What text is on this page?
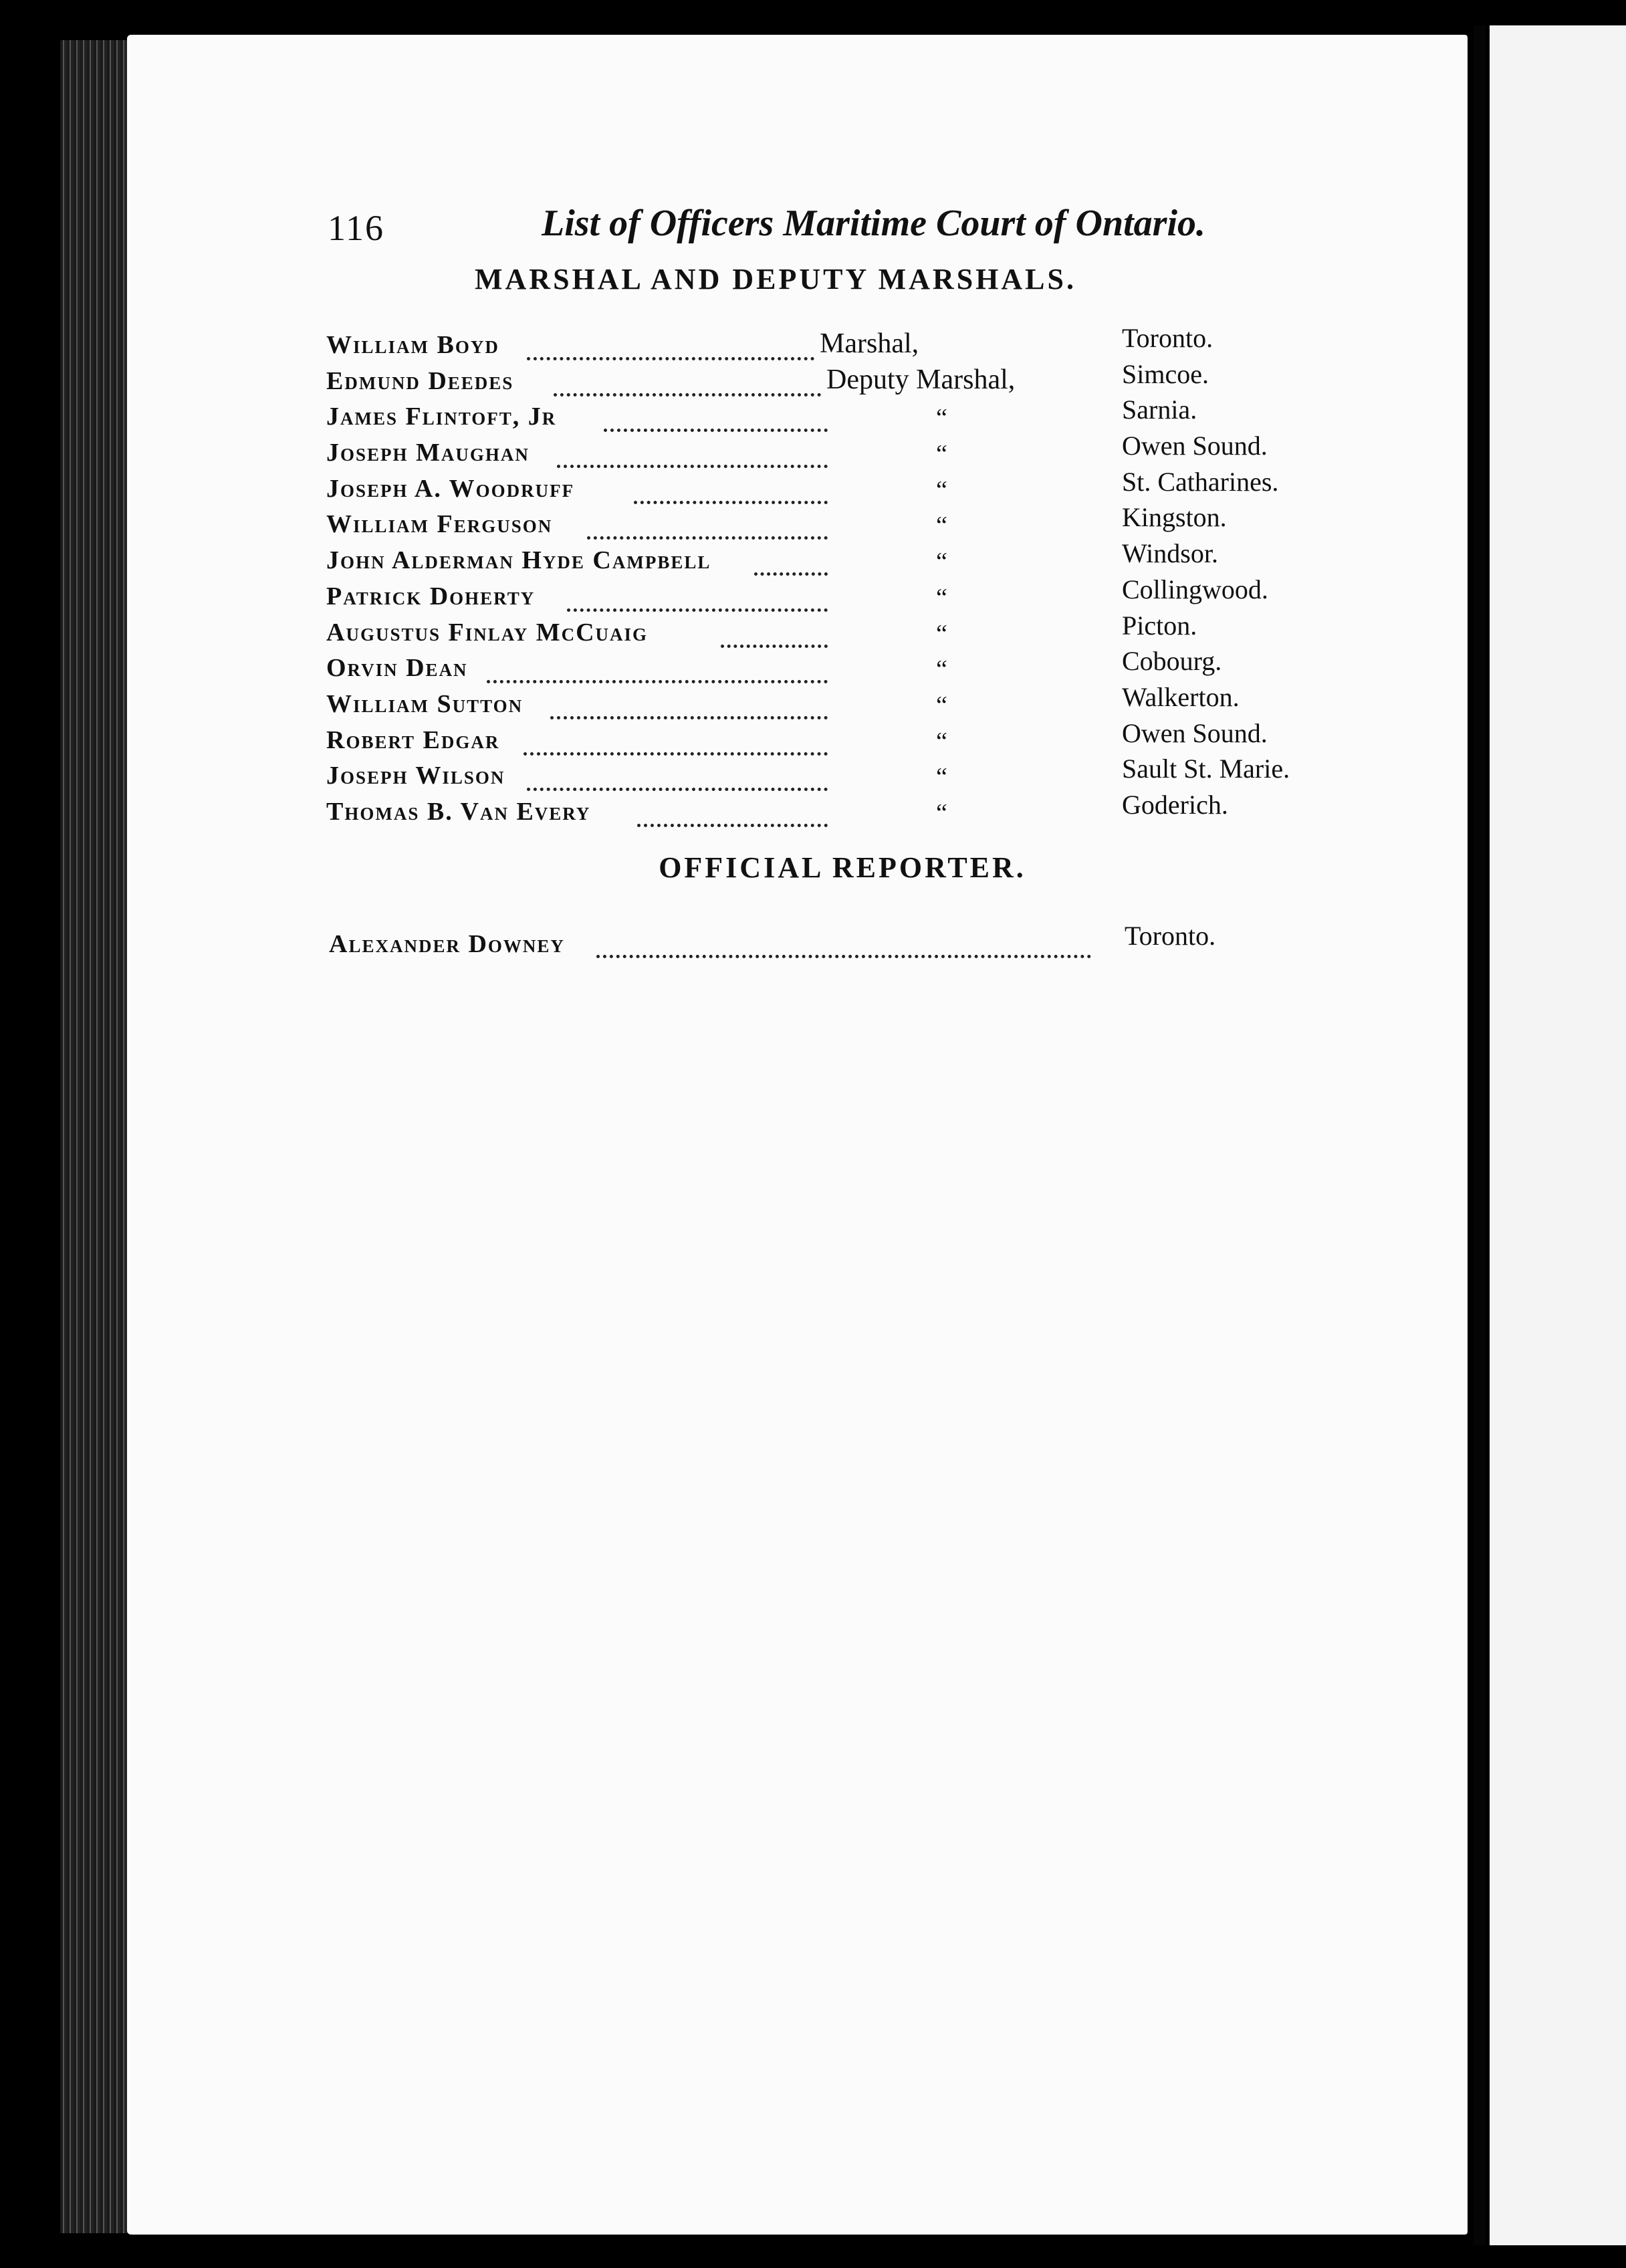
116	List of Officers Maritime Court of Ontario.
MARSHAL AND DEPUTY MARSHALS.
William Boyd	Marshal,	Toronto.
Edmund Deedes	Deputy Marshal,	Simcoe.
James Flintoft, Jr	“	Sarnia.
Joseph Maughan	“	Owen Sound.
Joseph A. Woodruff	“	St. Catharines.
William Ferguson	“	Kingston.
John Alderman Hyde Campbell	“	Windsor.
Patrick Doherty	“	Collingwood.
Augustus Finlay McCuaig	“	Picton.
Orvin Dean	“	Cobourg.
William Sutton	“	Walkerton.
Robert Edgar	“	Owen Sound.
Joseph Wilson	“	Sault St. Marie.
Thomas B. Van Every	“	Goderich.
OFFICIAL REPORTER.
Alexander Downey	Toronto.
